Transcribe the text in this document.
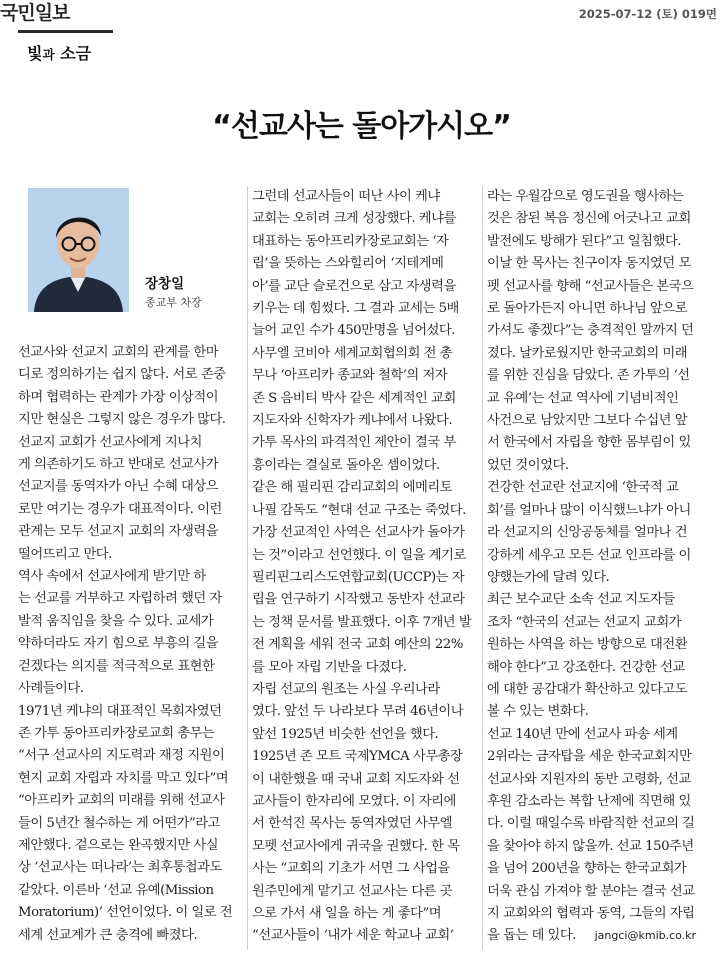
국민일보	2025-07-12 (토) 019면
빛과 소금
“선교사는 돌아가시오”
장창일
종교부 차장

선교사와 선교지 교회의 관계를 한마

디로 정의하기는 쉽지 않다. 서로 존중

하며 협력하는 관계가 가장 이상적이

지만 현실은 그렇지 않은 경우가 많다.

선교지 교회가 선교사에게 지나치

게 의존하기도 하고 반대로 선교사가

선교지를 동역자가 아닌 수혜 대상으

로만 여기는 경우가 대표적이다. 이런

관계는 모두 선교지 교회의 자생력을

떨어뜨리고 만다.

역사 속에서 선교사에게 받기만 하

는 선교를 거부하고 자립하려 했던 자

발적 움직임을 찾을 수 있다. 교세가

약하더라도 자기 힘으로 부흥의 길을

걷겠다는 의지를 적극적으로 표현한

사례들이다.

1971년 케냐의 대표적인 목회자였던

존 가투 동아프리카장로교회 총무는

“서구 선교사의 지도력과 재정 지원이

현지 교회 자립과 자치를 막고 있다”며

“아프리카 교회의 미래를 위해 선교사

들이 5년간 철수하는 게 어떤가”라고

제안했다. 겉으로는 완곡했지만 사실

상 ‘선교사는 떠나라’는 최후통첩과도

같았다. 이른바 ‘선교 유예(Mission

Moratorium)’ 선언이었다. 이 일로 전

세계 선교계가 큰 충격에 빠졌다.

그런데 선교사들이 떠난 사이 케냐

교회는 오히려 크게 성장했다. 케냐를

대표하는 동아프리카장로교회는 ‘자

립’을 뜻하는 스와힐리어 ‘지테게메

아’를 교단 슬로건으로 삼고 자생력을

키우는 데 힘썼다. 그 결과 교세는 5배

늘어 교인 수가 450만명을 넘어섰다.

사무엘 코비아 세계교회협의회 전 총

무나 ‘아프리카 종교와 철학’의 저자

존 S 음비티 박사 같은 세계적인 교회

지도자와 신학자가 케냐에서 나왔다.

가투 목사의 파격적인 제안이 결국 부

흥이라는 결실로 돌아온 셈이었다.

같은 해 필리핀 감리교회의 에메리토

나필 감독도 “현대 선교 구조는 죽었다.

가장 선교적인 사역은 선교사가 돌아가

는 것”이라고 선언했다. 이 일을 계기로

필리핀그리스도연합교회(UCCP)는 자

립을 연구하기 시작했고 동반자 선교라

는 정책 문서를 발표했다. 이후 7개년 발

전 계획을 세워 전국 교회 예산의 22%

를 모아 자립 기반을 다졌다.

자립 선교의 원조는 사실 우리나라

였다. 앞선 두 나라보다 무려 46년이나

앞선 1925년 비슷한 선언을 했다.

1925년 존 모트 국제YMCA 사무총장

이 내한했을 때 국내 교회 지도자와 선

교사들이 한자리에 모였다. 이 자리에

서 한석진 목사는 동역자였던 사무엘

모펫 선교사에게 귀국을 권했다. 한 목

사는 “교회의 기초가 서면 그 사업을

원주민에게 맡기고 선교사는 다른 곳

으로 가서 새 일을 하는 게 좋다”며

“선교사들이 ‘내가 세운 학교나 교회’

라는 우월감으로 영도권을 행사하는

것은 참된 복음 정신에 어긋나고 교회

발전에도 방해가 된다”고 일침했다.

이날 한 목사는 친구이자 동지였던 모

펫 선교사를 향해 “선교사들은 본국으

로 돌아가든지 아니면 하나님 앞으로

가셔도 좋겠다”는 충격적인 말까지 던

졌다. 날카로웠지만 한국교회의 미래

를 위한 진심을 담았다. 존 가투의 ‘선

교 유예’는 선교 역사에 기념비적인

사건으로 남았지만 그보다 수십년 앞

서 한국에서 자립을 향한 몸부림이 있

었던 것이었다.

건강한 선교란 선교지에 ‘한국적 교

회’를 얼마나 많이 이식했느냐가 아니

라 선교지의 신앙공동체를 얼마나 건

강하게 세우고 모든 선교 인프라를 이

양했는가에 달려 있다.

최근 보수교단 소속 선교 지도자들

조차 “한국의 선교는 선교지 교회가

원하는 사역을 하는 방향으로 대전환

해야 한다”고 강조한다. 건강한 선교

에 대한 공감대가 확산하고 있다고도

볼 수 있는 변화다.

선교 140년 만에 선교사 파송 세계

2위라는 금자탑을 세운 한국교회지만

선교사와 지원자의 동반 고령화, 선교

후원 감소라는 복합 난제에 직면해 있

다. 이럴 때일수록 바람직한 선교의 길

을 찾아야 하지 않을까. 선교 150주년

을 넘어 200년을 향하는 한국교회가

더욱 관심 가져야 할 분야는 결국 선교

지 교회와의 협력과 동역, 그들의 자립

을 돕는 데 있다. jangci@kmib.co.kr
